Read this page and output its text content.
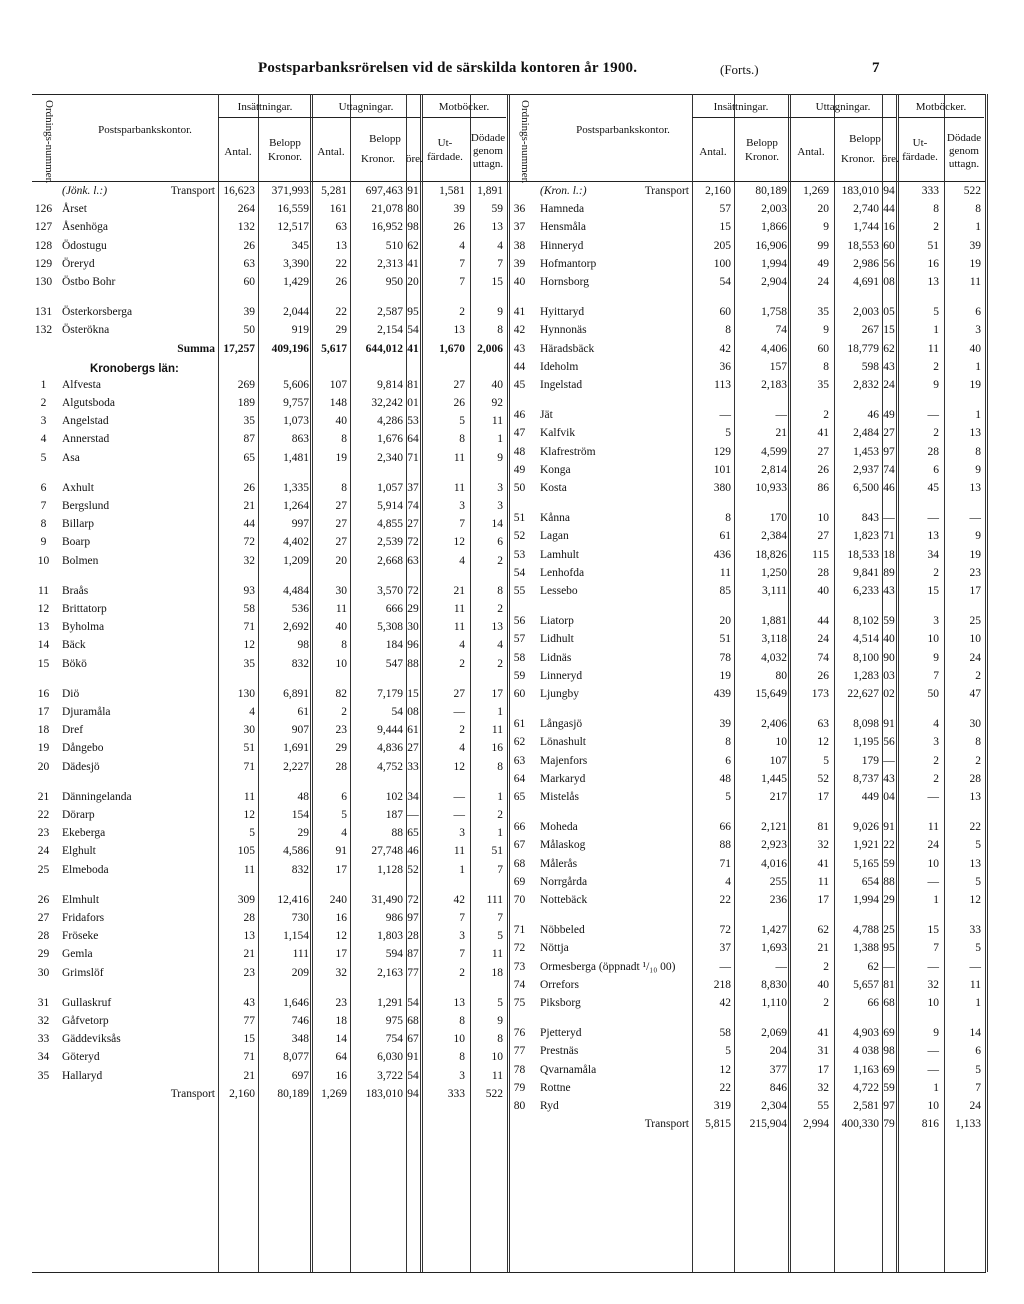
Postsparbanksrörelsen vid de särskilda kontoren år 1900.	(Forts.)	7
Ordnings-nummer.	Postsparbankskontor.
Insättningar.	Uttagningar.	Motböcker.
Antal.
Belopp
Kronor.	Antal.
Belopp
Kronor.	öre.
Ut-
färdade.
Dödade
genom
uttagn.
(Jönk. l.:)	Transport 16,623	371,993	5,281	697,463 91	1,581	1,891
126 Årset	264	16,559	161	21,078 80	39	59
127 Åsenhöga	132	12,517	63	16,952 98	26	13
128 Ödostugu	26	345	13	510 62	4	4
129 Öreryd	63	3,390	22	2,313 41	7	7
130 Östbo Bohr	60	1,429	26	950 20	7	15
131 Österkorsberga	39	2,044	22	2,587 95	2	9
132 Österökna	50	919	29	2,154 54	13	8
Summa 17,257	409,196	5,617	644,012 41	1,670	2,006
Kronobergs län:
1	Alfvesta	269	5,606	107	9,814 81	27	40
2	Algutsboda	189	9,757	148	32,242 01	26	92
3	Angelstad	35	1,073	40	4,286 53	5	11
4	Annerstad	87	863	8	1,676 64	8	1
5	Asa	65	1,481	19	2,340 71	11	9
6	Axhult	26	1,335	8	1,057 37	11	3
7	Bergslund	21	1,264	27	5,914 74	3	3
8	Billarp	44	997	27	4,855 27	7	14
9	Boarp	72	4,402	27	2,539 72	12	6
10	Bolmen	32	1,209	20	2,668 63	4	2
11	Braås	93	4,484	30	3,570 72	21	8
12	Brittatorp	58	536	11	666 29	11	2
13	Byholma	71	2,692	40	5,308 30	11	13
14	Bäck	12	98	8	184 96	4	4
15	Bökö	35	832	10	547 88	2	2
16	Diö	130	6,891	82	7,179 15	27	17
17	Djuramåla	4	61	2	54 08	—	1
18	Dref	30	907	23	9,444 61	2	11
19	Dångebo	51	1,691	29	4,836 27	4	16
20	Dädesjö	71	2,227	28	4,752 33	12	8
21	Dänningelanda	11	48	6	102 34	—	1
22	Dörarp	12	154	5	187 —	—	2
23	Ekeberga	5	29	4	88 65	3	1
24	Elghult	105	4,586	91	27,748 46	11	51
25	Elmeboda	11	832	17	1,128 52	1	7
26	Elmhult	309	12,416	240	31,490 72	42	111
27	Fridafors	28	730	16	986 97	7	7
28	Fröseke	13	1,154	12	1,803 28	3	5
29	Gemla	21	111	17	594 87	7	11
30	Grimslöf	23	209	32	2,163 77	2	18
31	Gullaskruf	43	1,646	23	1,291 54	13	5
32	Gåfvetorp	77	746	18	975 68	8	9
33	Gäddeviksås	15	348	14	754 67	10	8
34	Göteryd	71	8,077	64	6,030 91	8	10
35	Hallaryd	21	697	16	3,722 54	3	11
Transport	2,160	80,189	1,269	183,010 94	333	522
Ordnings-nummer.	Postsparbankskontor.
Insättningar.	Uttagningar.	Motböcker.
Antal.
Belopp
Kronor.	Antal.
Belopp
Kronor. öre.
Ut-
färdade.
Dödade
genom
uttagn.
(Kron. l.:)	Transport	2,160	80,189	1,269	183,010 94	333	522
36	Hamneda	57	2,003	20	2,740 44	8	8
37	Hensmåla	15	1,866	9	1,744 16	2	1
38	Hinneryd	205	16,906	99	18,553 60	51	39
39	Hofmantorp	100	1,994	49	2,986 56	16	19
40	Hornsborg	54	2,904	24	4,691 08	13	11
41	Hyittaryd	60	1,758	35	2,003 05	5	6
42	Hynnonäs	8	74	9	267 15	1	3
43	Häradsbäck	42	4,406	60	18,779 62	11	40
44	Ideholm	36	157	8	598 43	2	1
45	Ingelstad	113	2,183	35	2,832 24	9	19
46	Jät	—	—	2	46 49	—	1
47	Kalfvik	5	21	41	2,484 27	2	13
48	Klafreström	129	4,599	27	1,453 97	28	8
49	Konga	101	2,814	26	2,937 74	6	9
50	Kosta	380	10,933	86	6,500 46	45	13
51	Kånna	8	170	10	843 —	—	—
52	Lagan	61	2,384	27	1,823 71	13	9
53	Lamhult	436	18,826	115	18,533 18	34	19
54	Lenhofda	11	1,250	28	9,841 89	2	23
55	Lessebo	85	3,111	40	6,233 43	15	17
56	Liatorp	20	1,881	44	8,102 59	3	25
57	Lidhult	51	3,118	24	4,514 40	10	10
58	Lidnäs	78	4,032	74	8,100 90	9	24
59	Linneryd	19	80	26	1,283 03	7	2
60	Ljungby	439	15,649	173	22,627 02	50	47
61	Långasjö	39	2,406	63	8,098 91	4	30
62	Lönashult	8	10	12	1,195 56	3	8
63	Majenfors	6	107	5	179 —	2	2
64	Markaryd	48	1,445	52	8,737 43	2	28
65	Mistelås	5	217	17	449 04	—	13
66	Moheda	66	2,121	81	9,026 91	11	22
67	Målaskog	88	2,923	32	1,921 22	24	5
68	Målerås	71	4,016	41	5,165 59	10	13
69	Norrgårda	4	255	11	654 88	—	5
70	Nottebäck	22	236	17	1,994 29	1	12
71	Nöbbeled	72	1,427	62	4,788 25	15	33
72	Nöttja	37	1,693	21	1,388 95	7	5
73	Ormesberga (öppnadt ¹/₁₀ 00)	—	—	2	62 —	—	—
74	Orrefors	218	8,830	40	5,657 81	32	11
75	Piksborg	42	1,110	2	66 68	10	1
76	Pjetteryd	58	2,069	41	4,903 69	9	14
77	Prestnäs	5	204	31	4 038 98	—	6
78	Qvarnamåla	12	377	17	1,163 69	—	5
79	Rottne	22	846	32	4,722 59	1	7
80	Ryd	319	2,304	55	2,581 97	10	24
Transport	5,815	215,904	2,994	400,330 79	816	1,133
